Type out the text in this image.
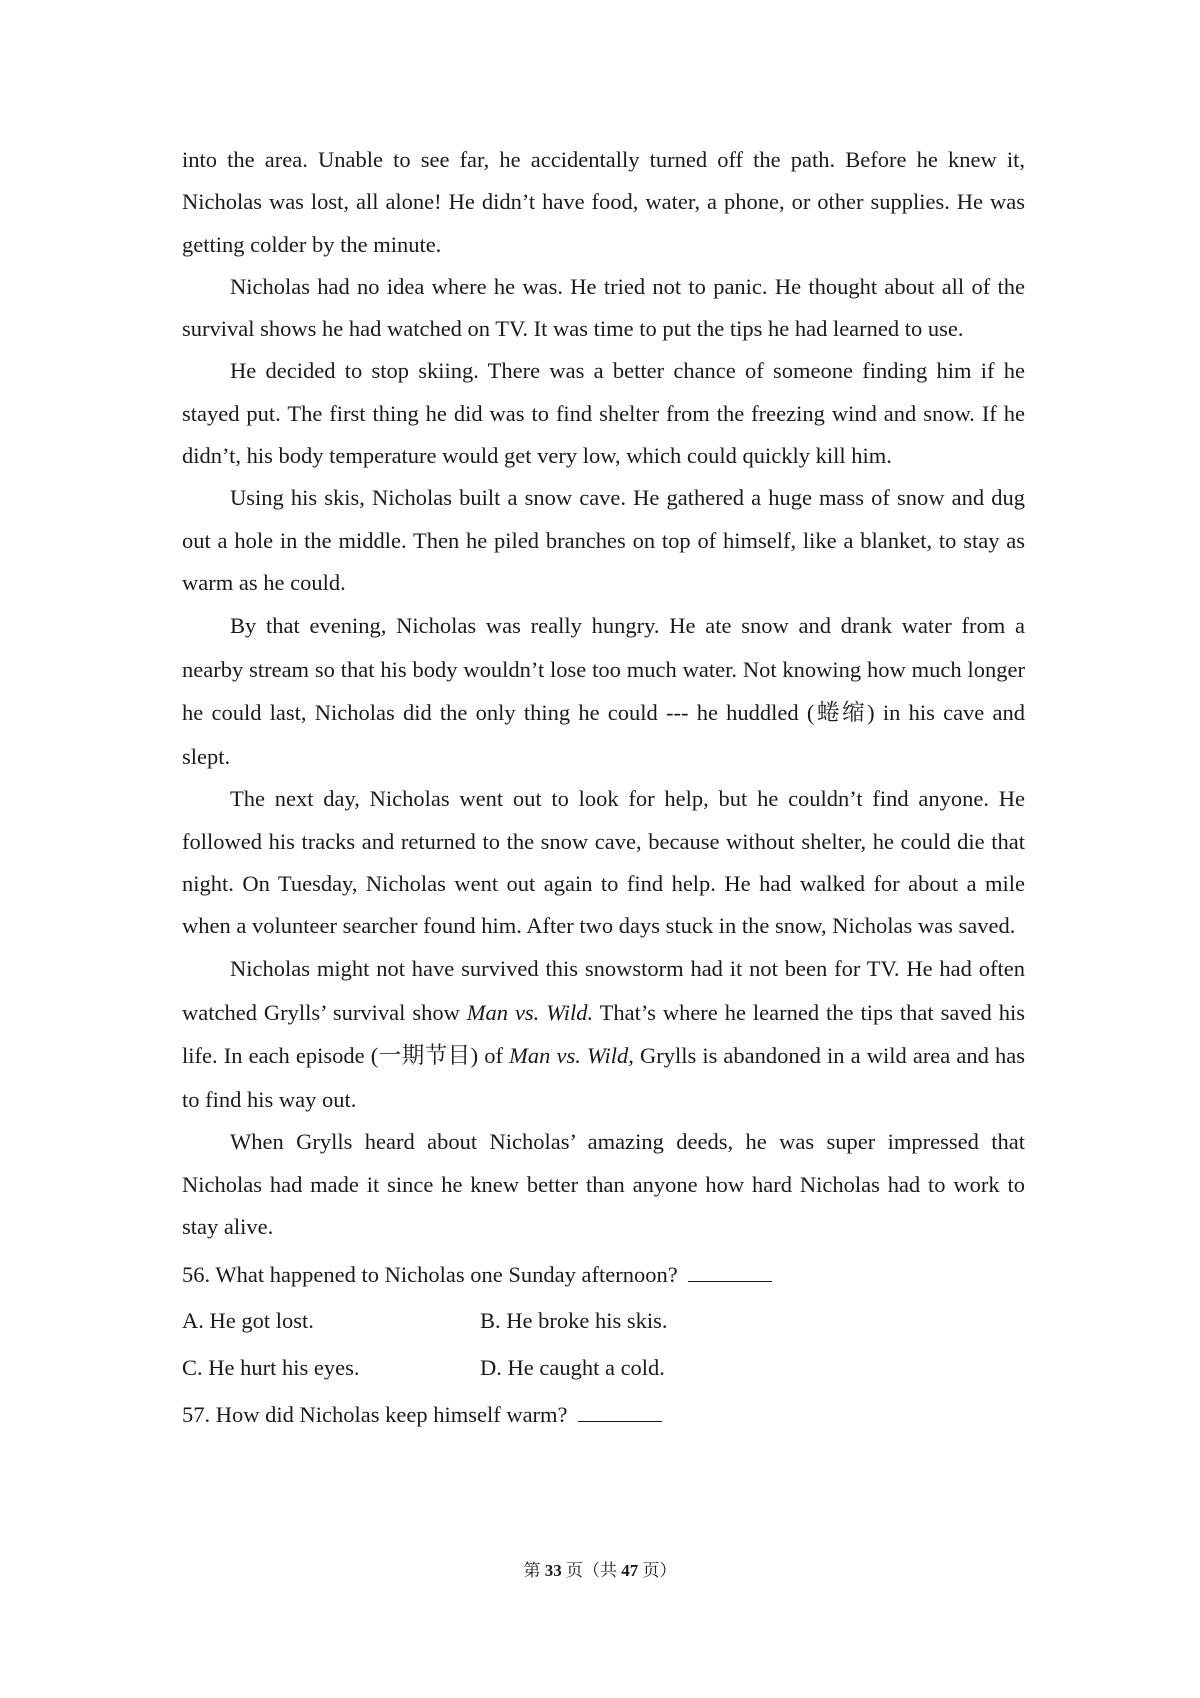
into the area. Unable to see far, he accidentally turned off the path. Before he knew it, Nicholas was lost, all alone! He didn’t have food, water, a phone, or other supplies. He was getting colder by the minute.

Nicholas had no idea where he was. He tried not to panic. He thought about all of the survival shows he had watched on TV. It was time to put the tips he had learned to use.

He decided to stop skiing. There was a better chance of someone finding him if he stayed put. The first thing he did was to find shelter from the freezing wind and snow. If he didn’t, his body temperature would get very low, which could quickly kill him.

Using his skis, Nicholas built a snow cave. He gathered a huge mass of snow and dug out a hole in the middle. Then he piled branches on top of himself, like a blanket, to stay as warm as he could.

By that evening, Nicholas was really hungry. He ate snow and drank water from a nearby stream so that his body wouldn’t lose too much water. Not knowing how much longer he could last, Nicholas did the only thing he could --- he huddled (蜷缩) in his cave and slept.

The next day, Nicholas went out to look for help, but he couldn’t find anyone. He followed his tracks and returned to the snow cave, because without shelter, he could die that night. On Tuesday, Nicholas went out again to find help. He had walked for about a mile when a volunteer searcher found him. After two days stuck in the snow, Nicholas was saved.

Nicholas might not have survived this snowstorm had it not been for TV. He had often watched Grylls’ survival show Man vs. Wild. That’s where he learned the tips that saved his life. In each episode (一期节目) of Man vs. Wild, Grylls is abandoned in a wild area and has to find his way out.

When Grylls heard about Nicholas’ amazing deeds, he was super impressed that Nicholas had made it since he knew better than anyone how hard Nicholas had to work to stay alive.

56. What happened to Nicholas one Sunday afternoon?

A. He got lost.	B. He broke his skis.
C. He hurt his eyes.	D. He caught a cold.

57. How did Nicholas keep himself warm?

第 33 页（共 47 页）
